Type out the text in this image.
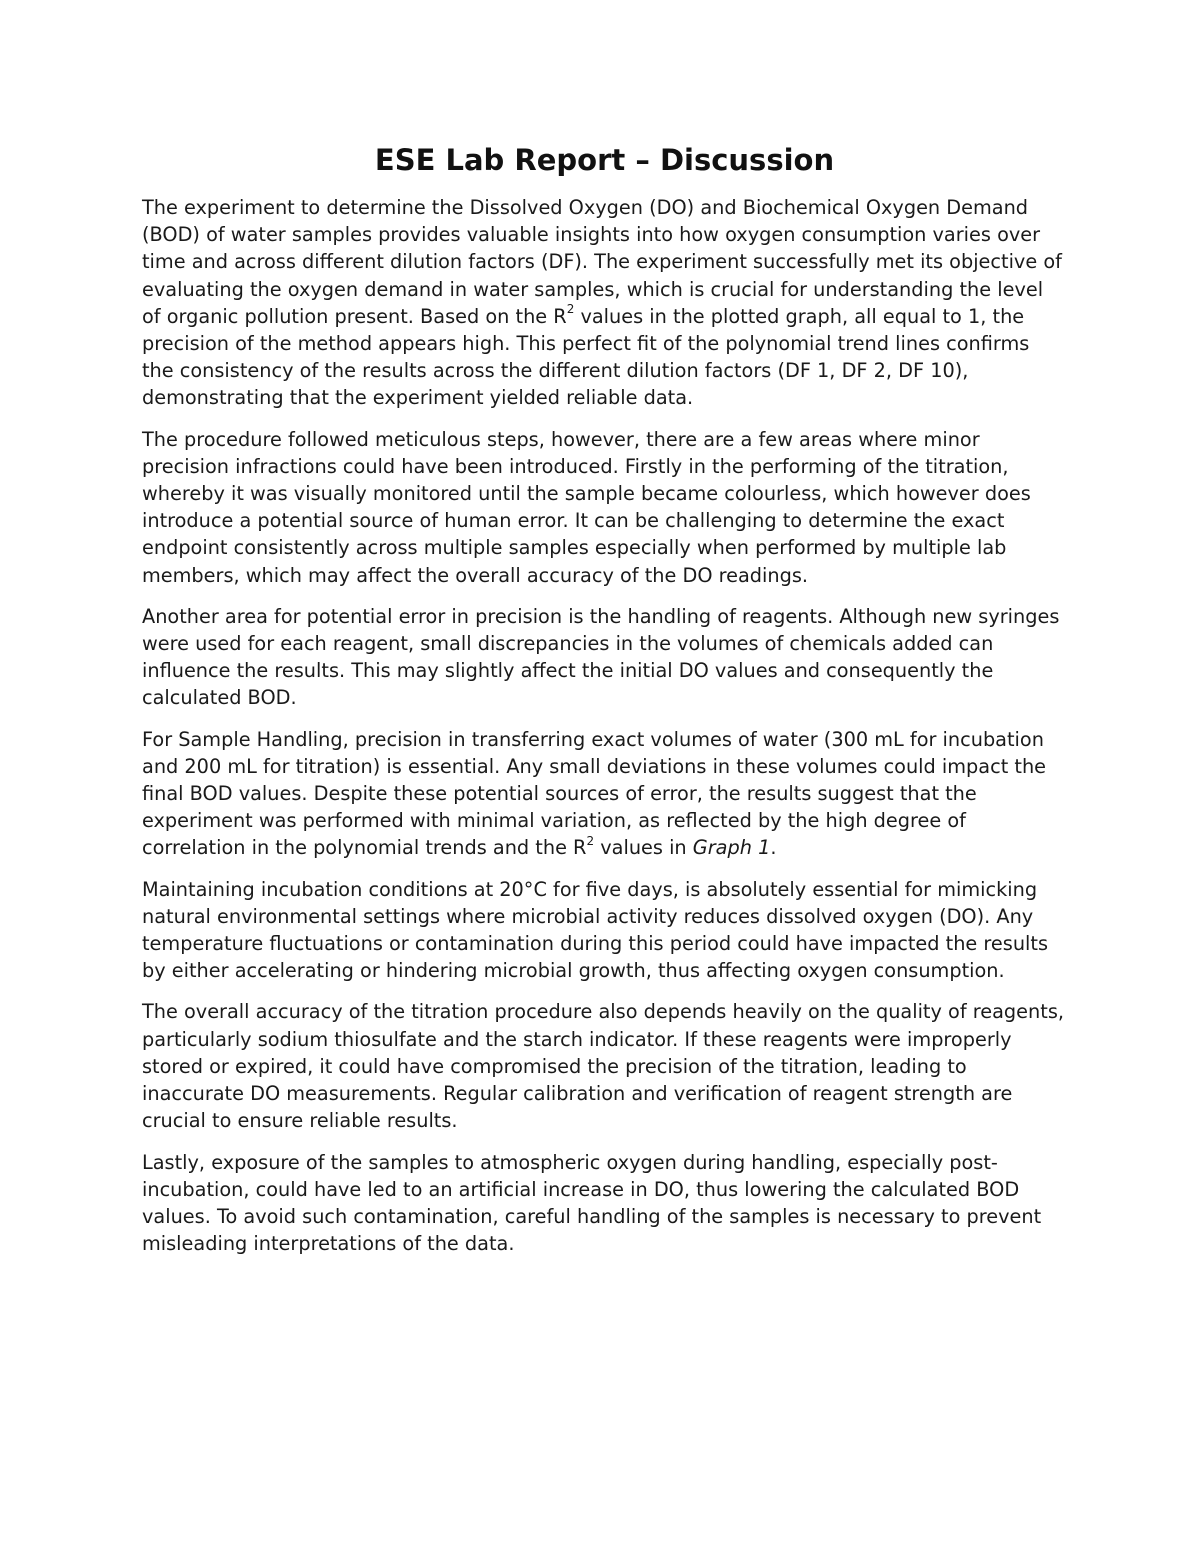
ESE Lab Report – Discussion

The experiment to determine the Dissolved Oxygen (DO) and Biochemical Oxygen Demand (BOD) of water samples provides valuable insights into how oxygen consumption varies over time and across different dilution factors (DF). The experiment successfully met its objective of evaluating the oxygen demand in water samples, which is crucial for understanding the level of organic pollution present. Based on the $R^2$ values in the plotted graph, all equal to 1, the precision of the method appears high. This perfect fit of the polynomial trend lines confirms the consistency of the results across the different dilution factors (DF 1, DF 2, DF 10), demonstrating that the experiment yielded reliable data.

The procedure followed meticulous steps, however, there are a few areas where minor precision infractions could have been introduced. Firstly in the performing of the titration, whereby it was visually monitored until the sample became colourless, which however does introduce a potential source of human error. It can be challenging to determine the exact endpoint consistently across multiple samples especially when performed by multiple lab members, which may affect the overall accuracy of the DO readings.

Another area for potential error in precision is the handling of reagents. Although new syringes were used for each reagent, small discrepancies in the volumes of chemicals added can influence the results. This may slightly affect the initial DO values and consequently the calculated BOD.

For Sample Handling, precision in transferring exact volumes of water (300 mL for incubation and 200 mL for titration) is essential. Any small deviations in these volumes could impact the final BOD values. Despite these potential sources of error, the results suggest that the experiment was performed with minimal variation, as reflected by the high degree of correlation in the polynomial trends and the $R^2$ values in Graph 1.

Maintaining incubation conditions at 20°C for five days, is absolutely essential for mimicking natural environmental settings where microbial activity reduces dissolved oxygen (DO). Any temperature fluctuations or contamination during this period could have impacted the results by either accelerating or hindering microbial growth, thus affecting oxygen consumption.

The overall accuracy of the titration procedure also depends heavily on the quality of reagents, particularly sodium thiosulfate and the starch indicator. If these reagents were improperly stored or expired, it could have compromised the precision of the titration, leading to inaccurate DO measurements. Regular calibration and verification of reagent strength are crucial to ensure reliable results.

Lastly, exposure of the samples to atmospheric oxygen during handling, especially post-incubation, could have led to an artificial increase in DO, thus lowering the calculated BOD values. To avoid such contamination, careful handling of the samples is necessary to prevent misleading interpretations of the data.
